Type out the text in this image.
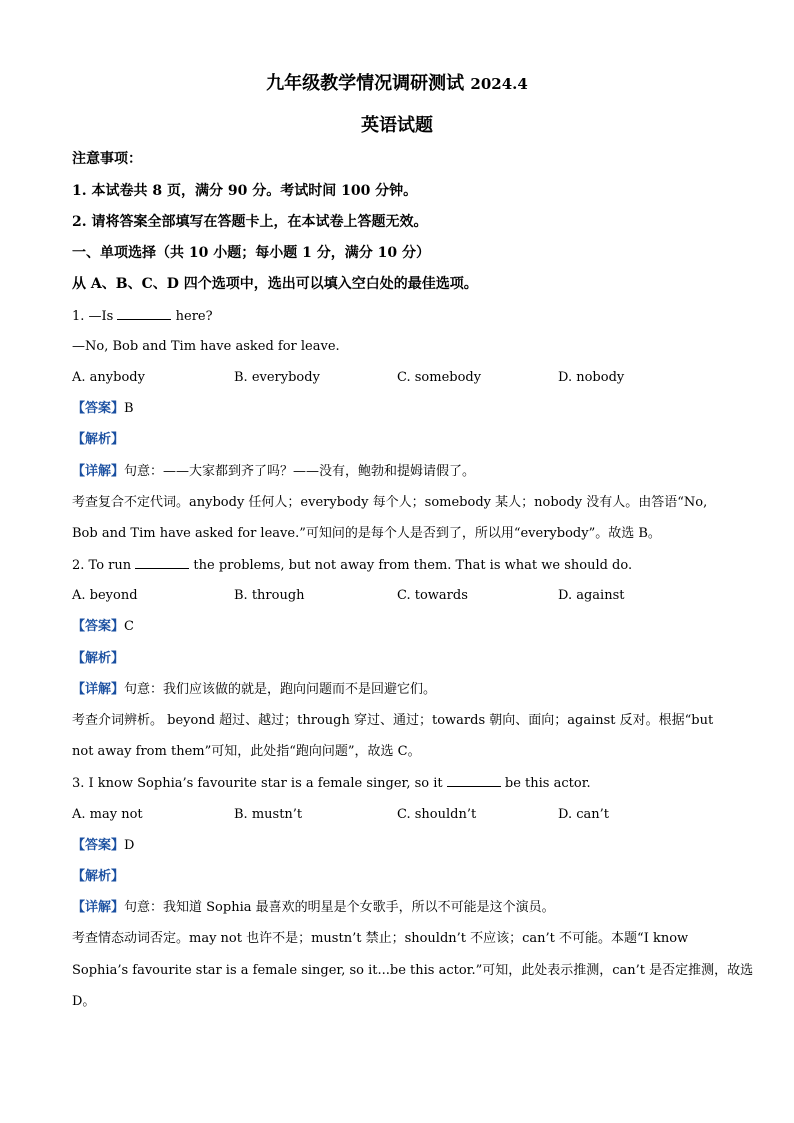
九年级教学情况调研测试 2024.4
英语试题
注意事项：
1. 本试卷共 8 页，满分 90 分。考试时间 100 分钟。
2. 请将答案全部填写在答题卡上，在本试卷上答题无效。
一、单项选择（共 10 小题；每小题 1 分，满分 10 分）
从 A、B、C、D 四个选项中，选出可以填入空白处的最佳选项。
1. —Is	here?
—No, Bob and Tim have asked for leave.
A. anybody	B. everybody	C. somebody	D. nobody
【答案】B
【解析】
【详解】句意：——大家都到齐了吗？——没有，鲍勃和提姆请假了。
考查复合不定代词。anybody 任何人；everybody 每个人；somebody 某人；nobody 没有人。由答语“No,
Bob and Tim have asked for leave.”可知问的是每个人是否到了，所以用“everybody”。故选 B。
2. To run	the problems, but not away from them. That is what we should do.
A. beyond	B. through	C. towards	D. against
【答案】C
【解析】
【详解】句意：我们应该做的就是，跑向问题而不是回避它们。
考查介词辨析。 beyond 超过、越过；through 穿过、通过；towards 朝向、面向；against 反对。根据“but
not away from them”可知，此处指“跑向问题”，故选 C。
3. I know Sophia’s favourite star is a female singer, so it	be this actor.
A. may not	B. mustn’t	C. shouldn’t	D. can’t
【答案】D
【解析】
【详解】句意：我知道 Sophia 最喜欢的明星是个女歌手，所以不可能是这个演员。
考查情态动词否定。may not 也许不是；mustn’t 禁止；shouldn’t 不应该；can’t 不可能。本题“I know
Sophia’s favourite star is a female singer, so it...be this actor.”可知，此处表示推测，can’t 是否定推测，故选
D。
